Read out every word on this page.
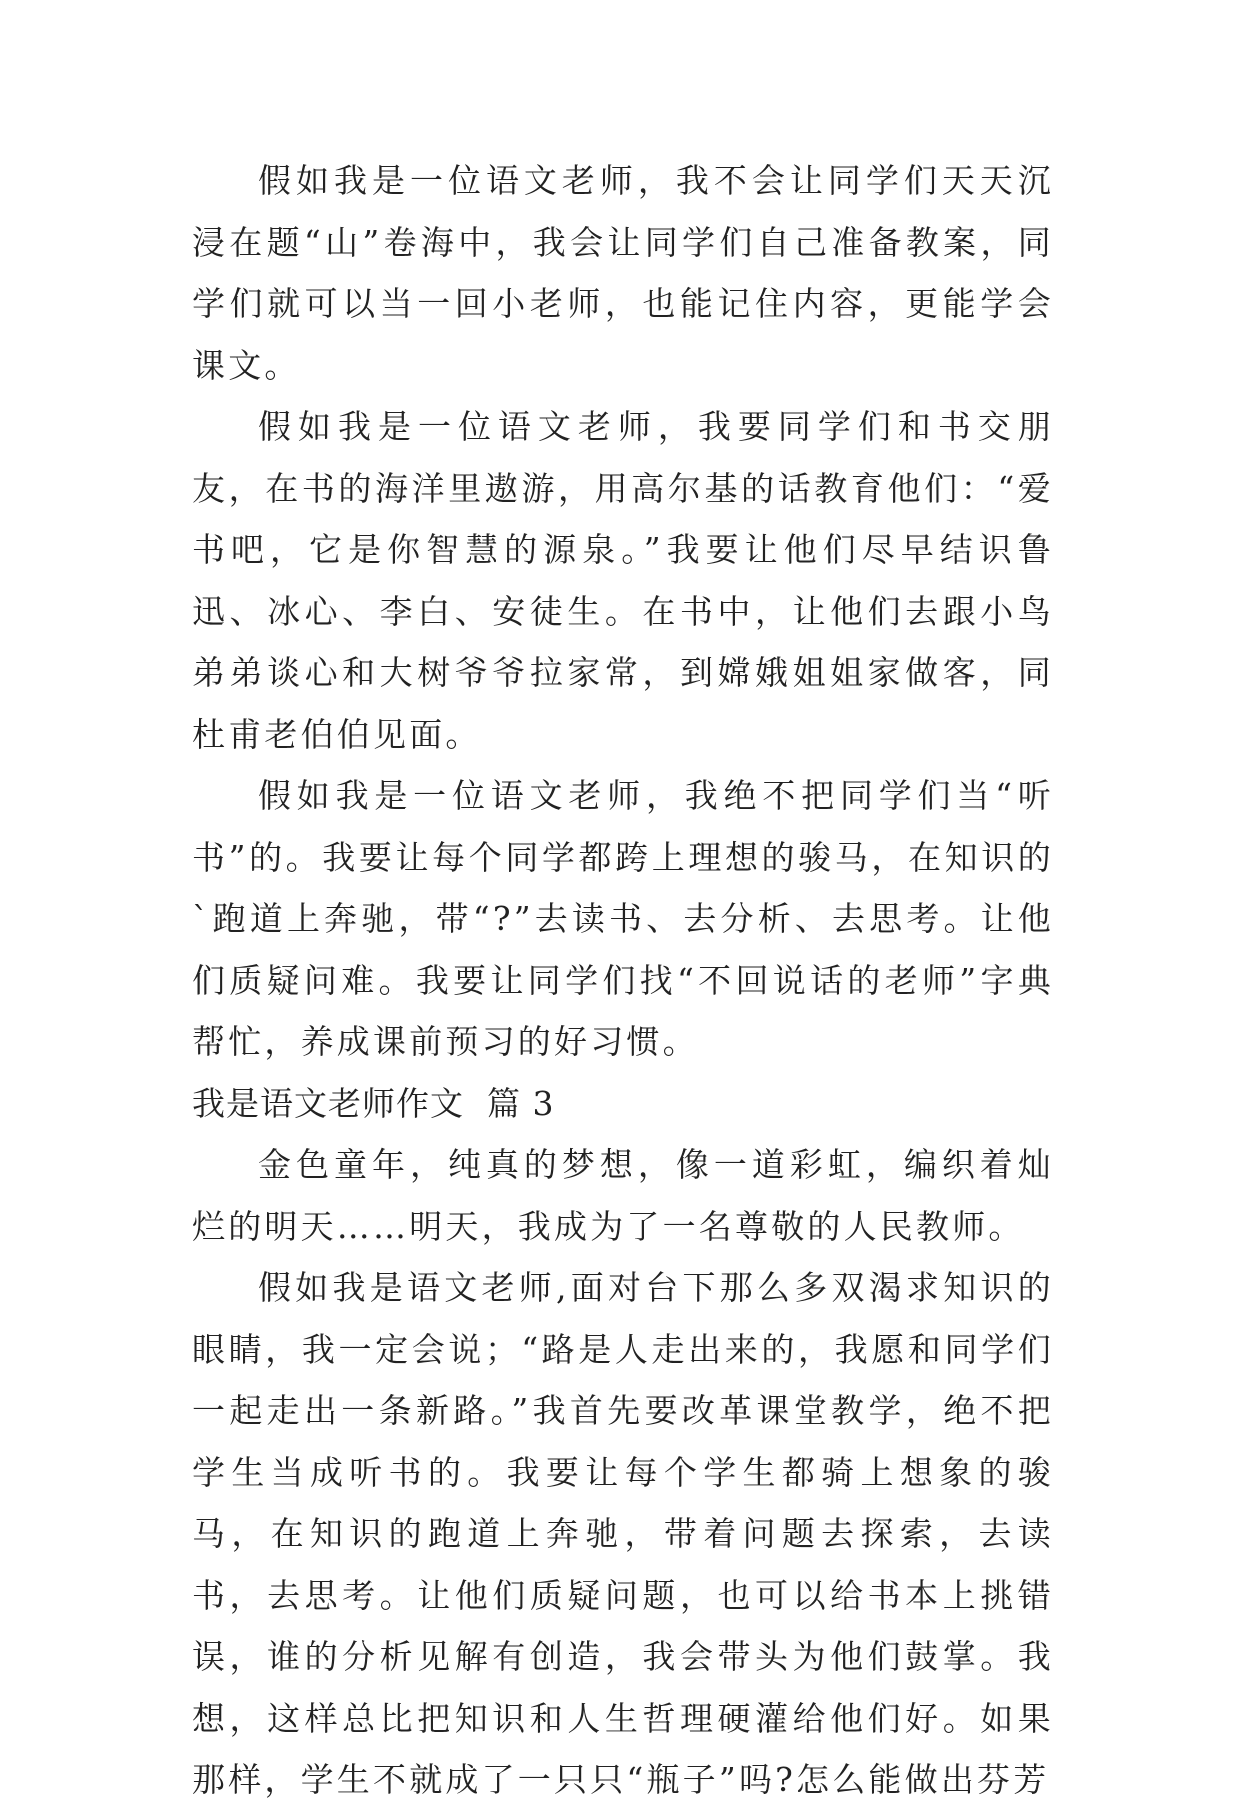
假如我是一位语文老师，我不会让同学们天天沉浸在题“山”卷海中，我会让同学们自己准备教案，同学们就可以当一回小老师，也能记住内容，更能学会课文。

假如我是一位语文老师，我要同学们和书交朋友，在书的海洋里遨游，用高尔基的话教育他们：“爱书吧，它是你智慧的源泉。”我要让他们尽早结识鲁迅、冰心、李白、安徒生。在书中，让他们去跟小鸟弟弟谈心和大树爷爷拉家常，到嫦娥姐姐家做客，同杜甫老伯伯见面。

假如我是一位语文老师，我绝不把同学们当“听书”的。我要让每个同学都跨上理想的骏马，在知识的`跑道上奔驰，带“?”去读书、去分析、去思考。让他们质疑问难。我要让同学们找“不回说话的老师”字典帮忙，养成课前预习的好习惯。

我是语文老师作文  篇 3

金色童年，纯真的梦想，像一道彩虹，编织着灿烂的明天……明天，我成为了一名尊敬的人民教师。

假如我是语文老师,面对台下那么多双渴求知识的眼睛，我一定会说；“路是人走出来的，我愿和同学们一起走出一条新路。”我首先要改革课堂教学，绝不把学生当成听书的。我要让每个学生都骑上想象的骏马，在知识的跑道上奔驰，带着问题去探索，去读书，去思考。让他们质疑问题，也可以给书本上挑错误，谁的分析见解有创造，我会带头为他们鼓掌。我想，这样总比把知识和人生哲理硬灌给他们好。如果那样，学生不就成了一只只“瓶子”吗?怎么能做出芬芳
